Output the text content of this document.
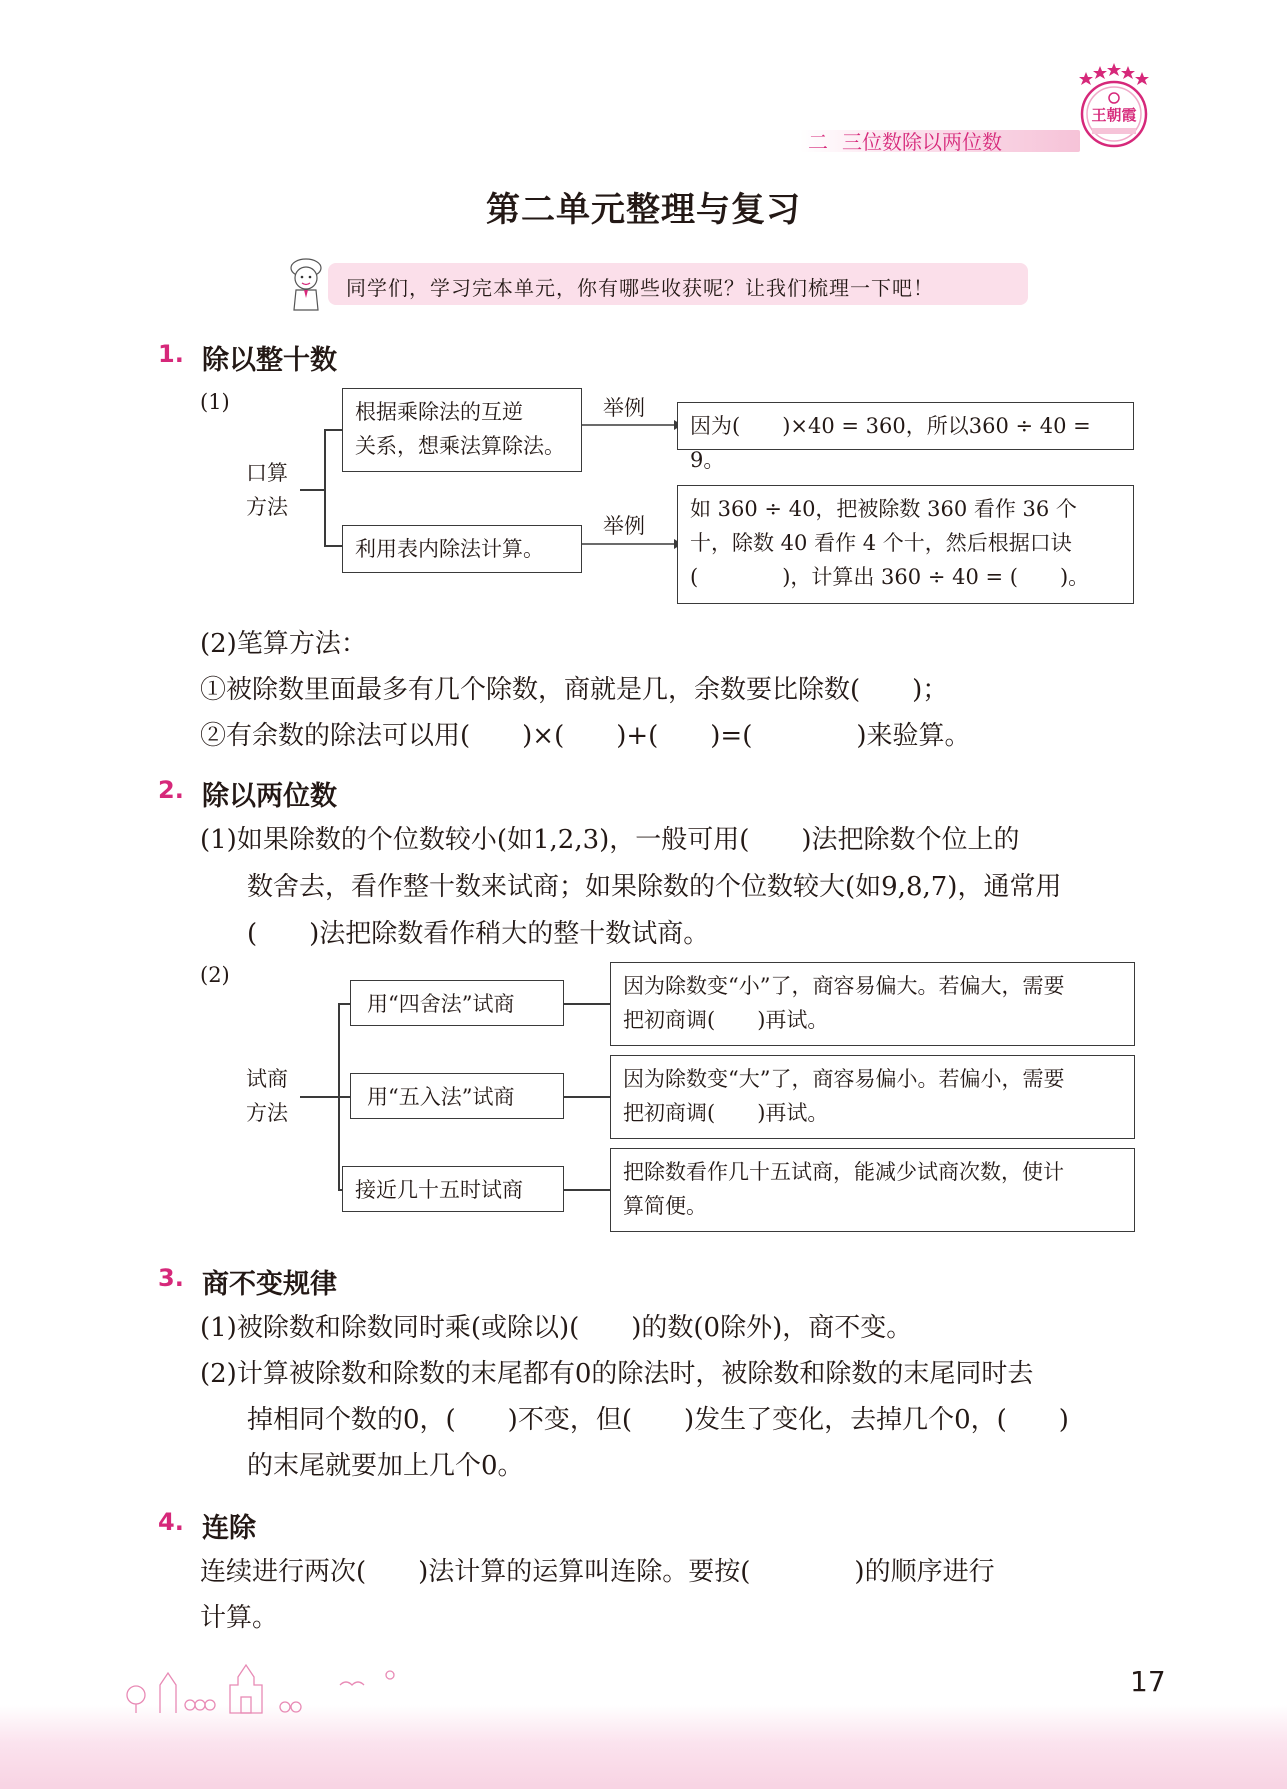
二 三位数除以两位数
王朝霞
第二单元整理与复习
同学们，学习完本单元，你有哪些收获呢？让我们梳理一下吧！
1. 除以整十数
(1)
口算
方法
根据乘除法的互逆
关系，想乘法算除法。
利用表内除法计算。
举例
举例
因为(　　)×40 = 360，所以360 ÷ 40 = 9。
如 360 ÷ 40，把被除数 360 看作 36 个
十，除数 40 看作 4 个十，然后根据口诀
(　　　　)，计算出 360 ÷ 40 = (　　)。
(2)笔算方法：
①被除数里面最多有几个除数，商就是几，余数要比除数(　　)；
②有余数的除法可以用(　　)×(　　)+(　　)=(　　　　)来验算。
2. 除以两位数
(1)如果除数的个位数较小(如1,2,3)，一般可用(　　)法把除数个位上的
数舍去，看作整十数来试商；如果除数的个位数较大(如9,8,7)，通常用
(　　)法把除数看作稍大的整十数试商。
(2)
试商
方法
用“四舍法”试商
用“五入法”试商
接近几十五时试商
因为除数变“小”了，商容易偏大。若偏大，需要
把初商调(　　)再试。
因为除数变“大”了，商容易偏小。若偏小，需要
把初商调(　　)再试。
把除数看作几十五试商，能减少试商次数，使计
算简便。
3. 商不变规律
(1)被除数和除数同时乘(或除以)(　　)的数(0除外)，商不变。
(2)计算被除数和除数的末尾都有0的除法时，被除数和除数的末尾同时去
掉相同个数的0，(　　)不变，但(　　)发生了变化，去掉几个0，(　　)
的末尾就要加上几个0。
4. 连除
连续进行两次(　　)法计算的运算叫连除。要按(　　　　)的顺序进行
计算。
17
